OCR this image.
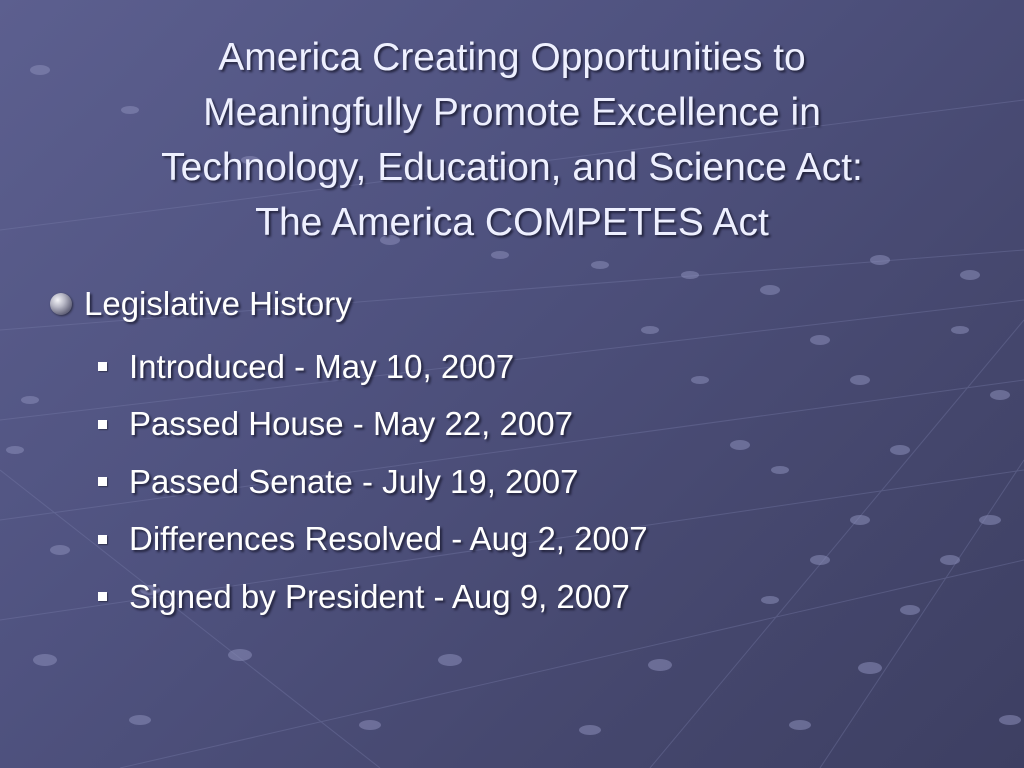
America Creating Opportunities to
Meaningfully Promote Excellence in
Technology, Education, and Science Act:
The America COMPETES Act
Legislative History
Introduced - May 10, 2007
Passed House - May 22, 2007
Passed Senate - July 19, 2007
Differences Resolved - Aug 2, 2007
Signed by President - Aug 9, 2007
